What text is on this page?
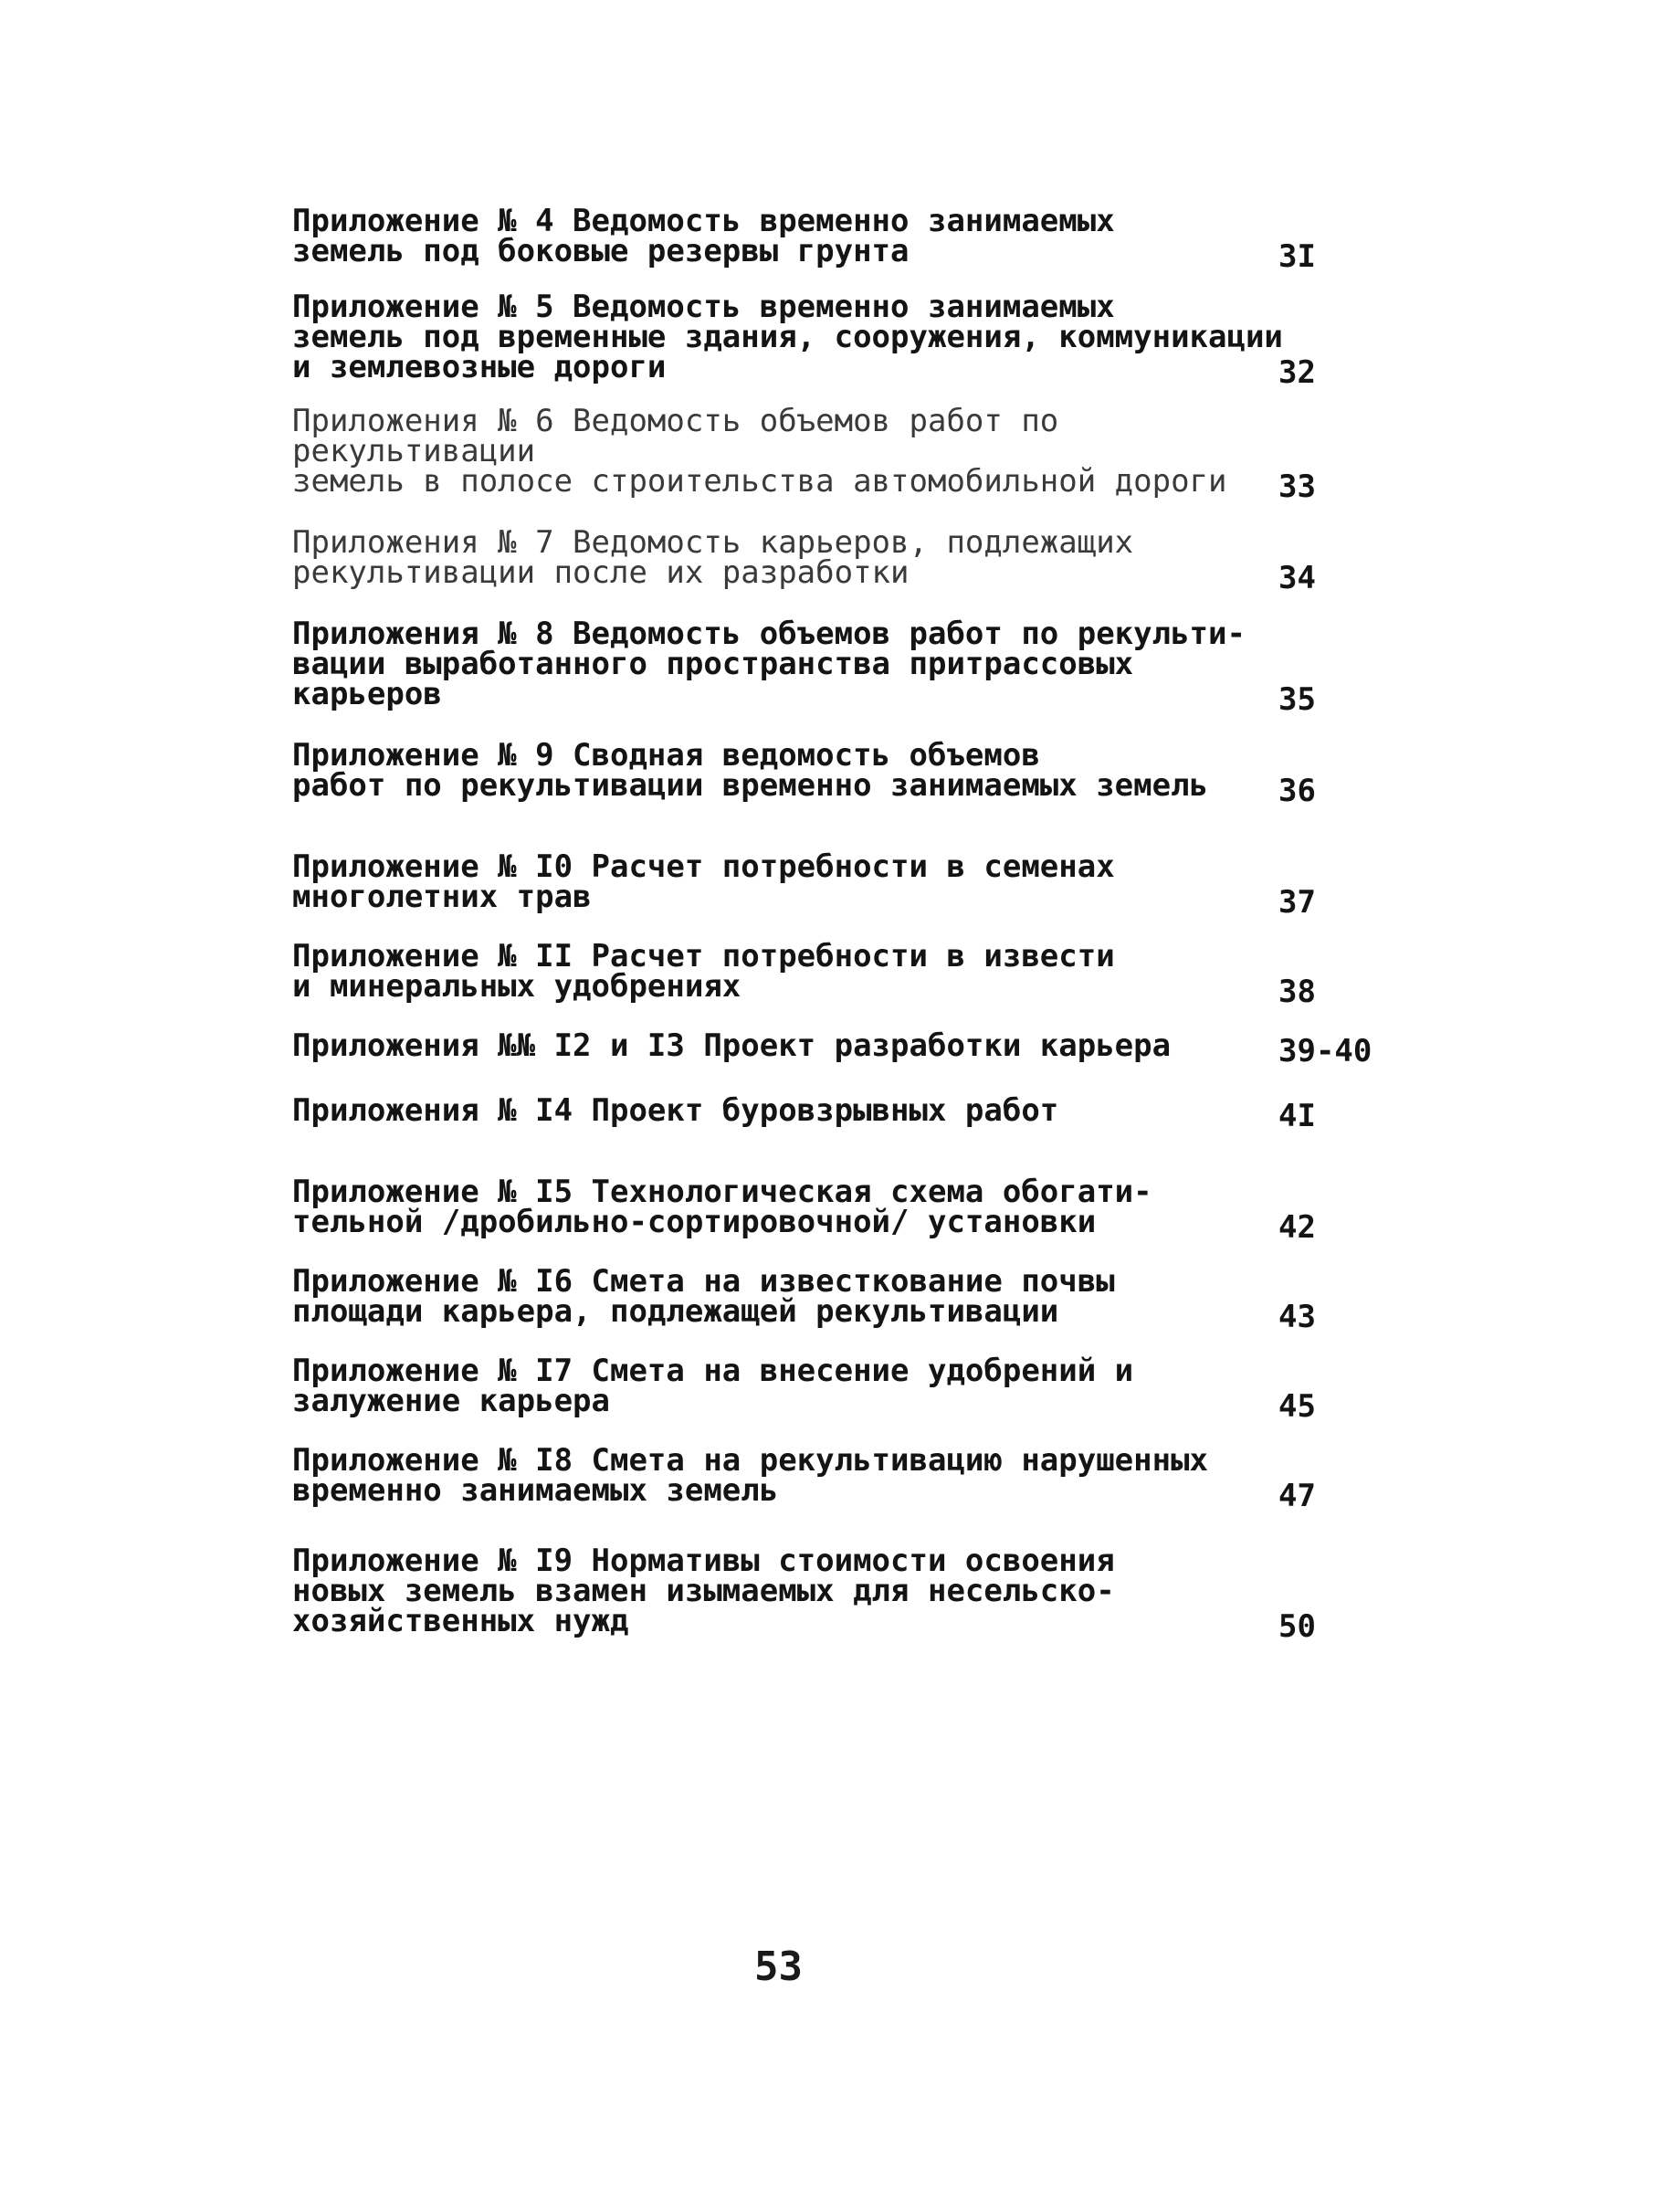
Приложение № 4 Ведомость временно занимаемых
земель под боковые резервы грунта	3I
Приложение № 5 Ведомость временно занимаемых
земель под временные здания, сооружения, коммуникации
и землевозные дороги	32
Приложения № 6 Ведомость объемов работ по рекультивации
земель в полосе строительства автомобильной дороги	33
Приложения № 7 Ведомость карьеров, подлежащих
рекультивации после их разработки	34
Приложения № 8 Ведомость объемов работ по рекульти-
вации выработанного пространства притрассовых
карьеров	35
Приложение № 9 Сводная ведомость объемов
работ по рекультивации временно занимаемых земель	36
Приложение № I0 Расчет потребности в семенах
многолетних трав	37
Приложение № II Расчет потребности в извести
и минеральных удобрениях	38
Приложения №№ I2 и I3 Проект разработки карьера	39-40
Приложения № I4 Проект буровзрывных работ	4I
Приложение № I5 Технологическая схема обогати-
тельной /дробильно-сортировочной/ установки	42
Приложение № I6 Смета на известкование почвы
площади карьера, подлежащей рекультивации	43
Приложение № I7 Смета на внесение удобрений и
залужение карьера	45
Приложение № I8 Смета на рекультивацию нарушенных
временно занимаемых земель	47
Приложение № I9 Нормативы стоимости освоения
новых земель взамен изымаемых для несельско-
хозяйственных нужд	50
53
